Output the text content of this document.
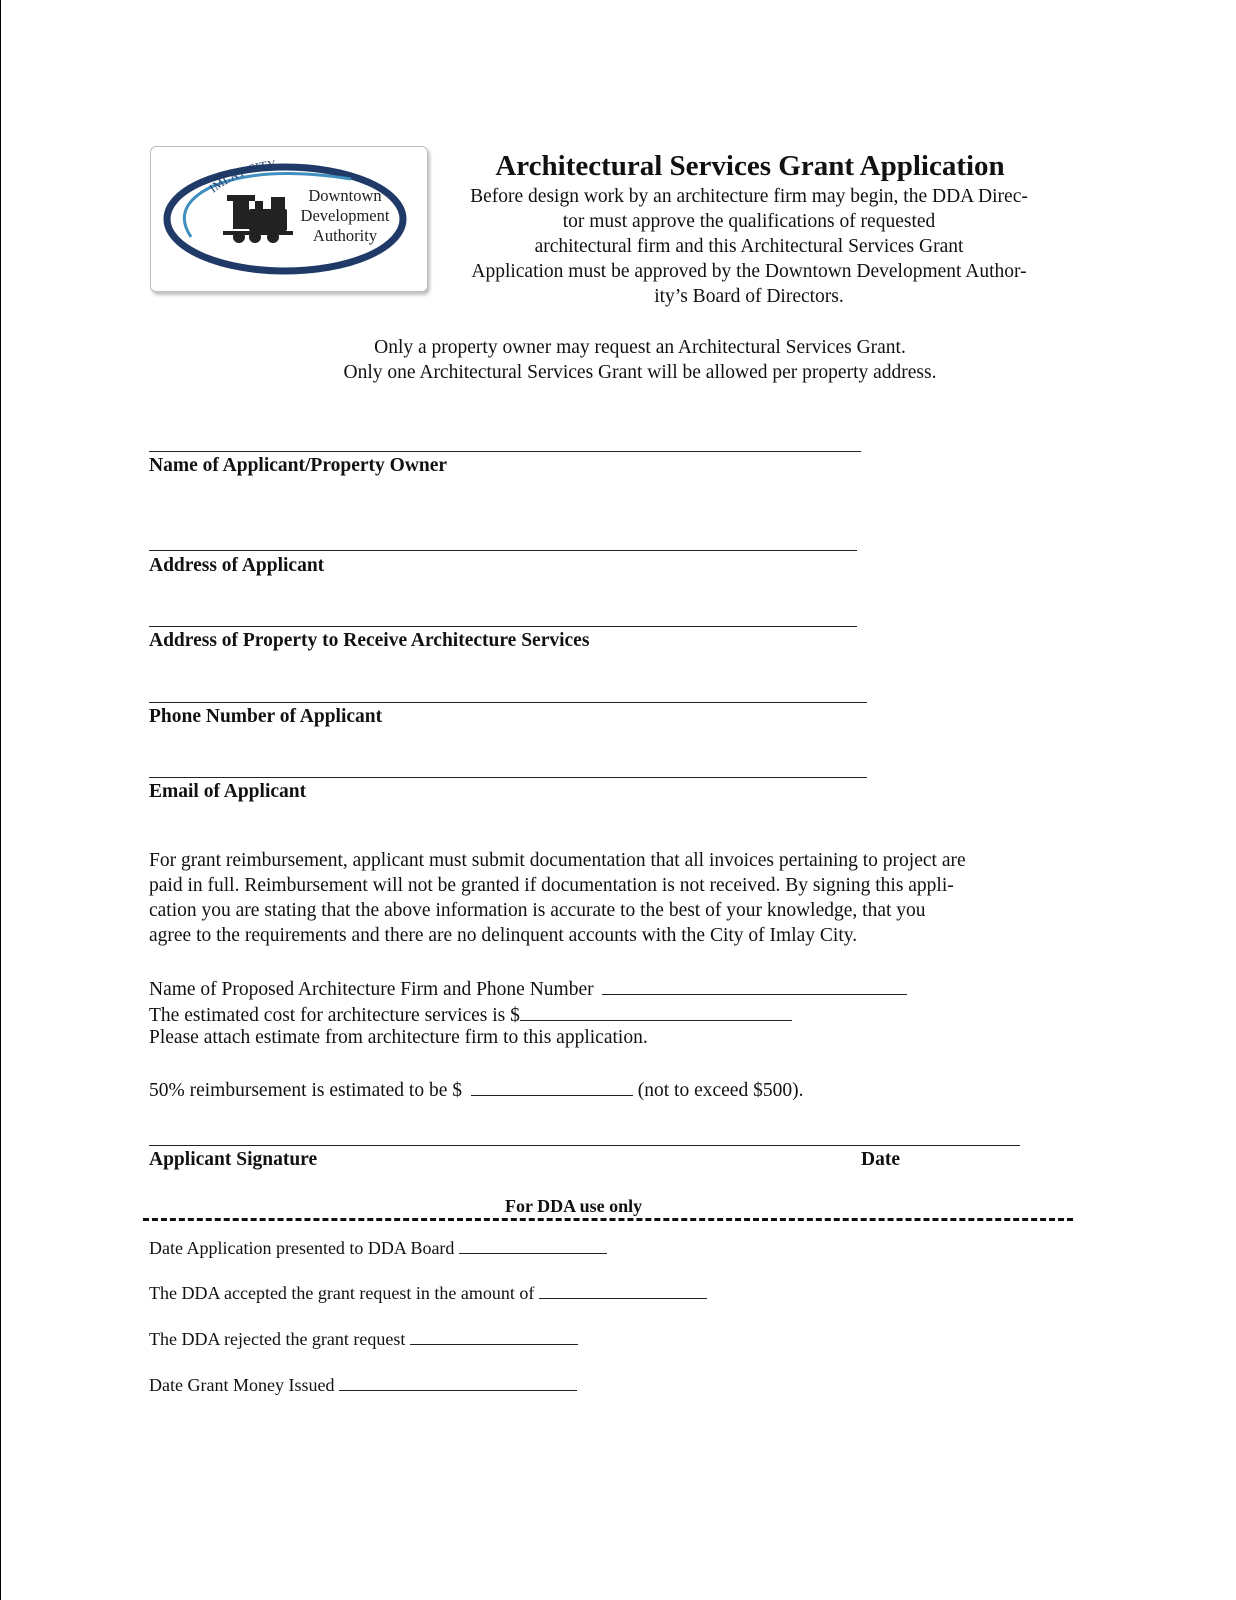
IMLAY CITY
Downtown
Development
Authority
Architectural Services Grant Application
Before design work by an architecture firm may begin, the DDA Direc-
tor must approve the qualifications of requested
architectural firm and this Architectural Services Grant
Application must be approved by the Downtown Development Author-
ity’s Board of Directors.
Only a property owner may request an Architectural Services Grant.
Only one Architectural Services Grant will be allowed per property address.
Name of Applicant/Property Owner
Address of Applicant
Address of Property to Receive Architecture Services
Phone Number of Applicant
Email of Applicant
For grant reimbursement, applicant must submit documentation that all invoices pertaining to project are
paid in full. Reimbursement will not be granted if documentation is not received. By signing this appli-
cation you are stating that the above information is accurate to the best of your knowledge, that you
agree to the requirements and there are no delinquent accounts with the City of Imlay City.
Name of Proposed Architecture Firm and Phone Number
The estimated cost for architecture services is $
Please attach estimate from architecture firm to this application.
50% reimbursement is estimated to be $	(not to exceed $500).
Applicant Signature	Date
For DDA use only
Date Application presented to DDA Board
The DDA accepted the grant request in the amount of
The DDA rejected the grant request
Date Grant Money Issued
